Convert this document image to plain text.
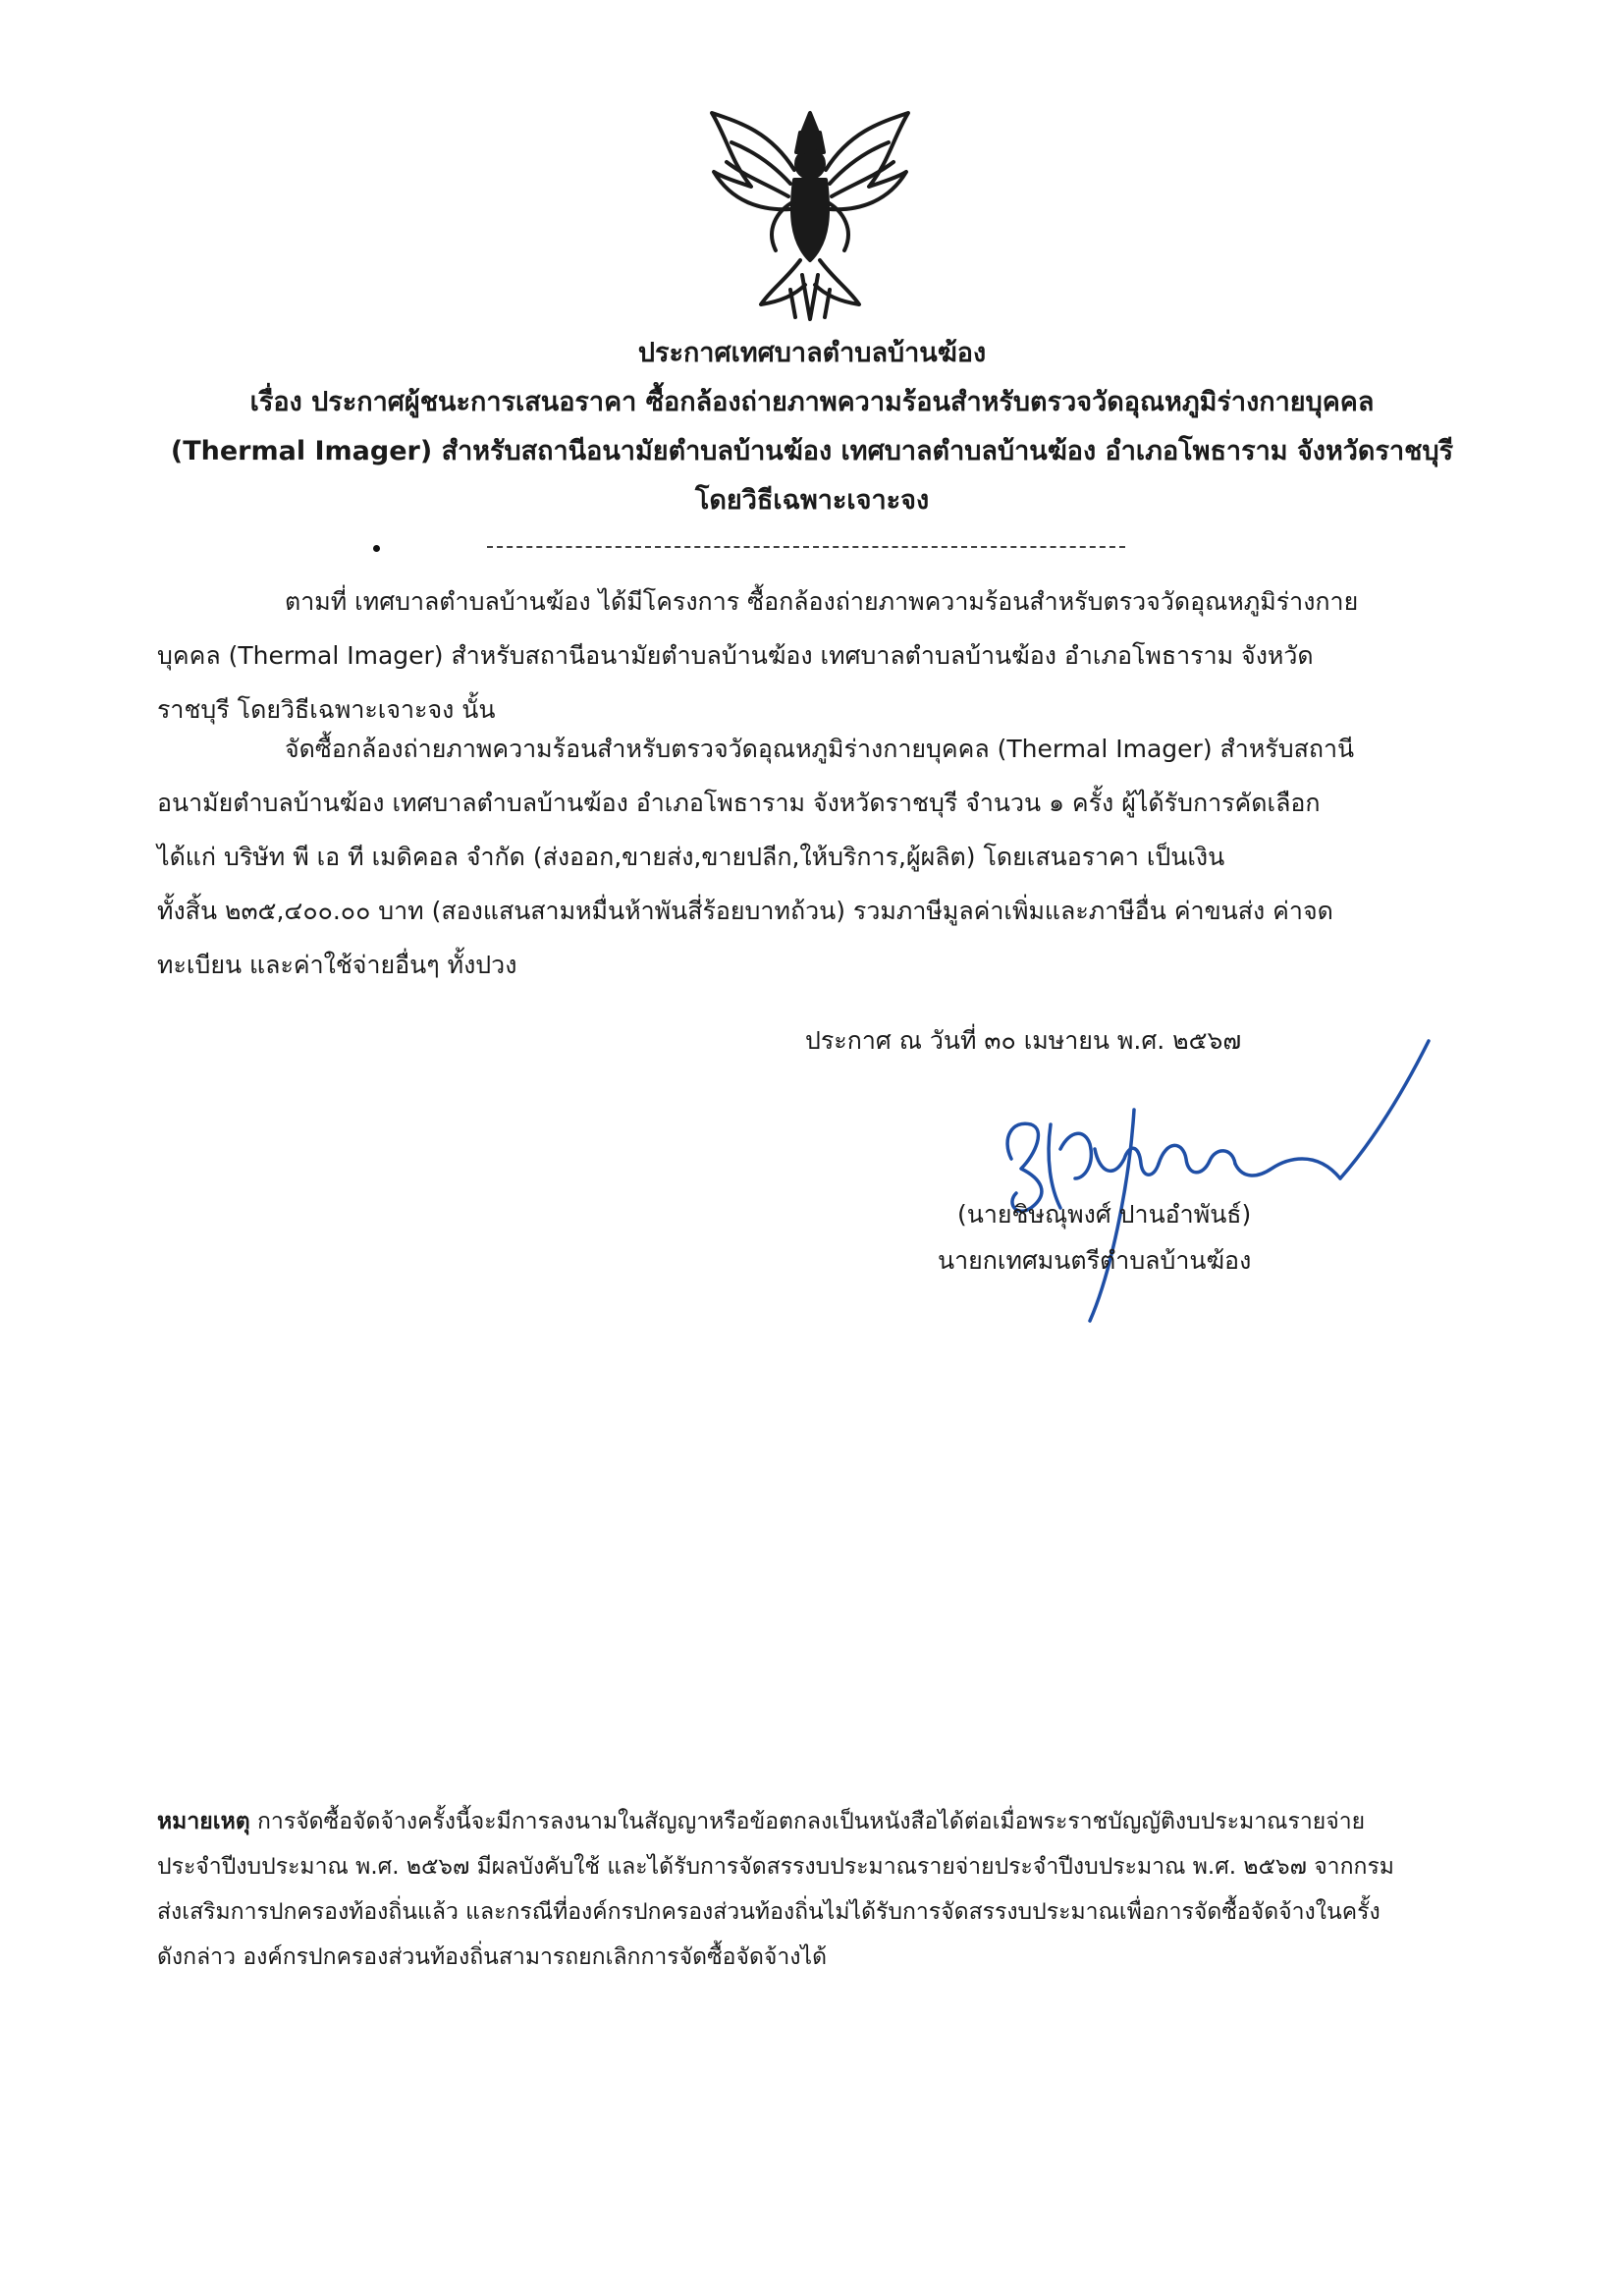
ประกาศเทศบาลตำบลบ้านฆ้อง
เรื่อง ประกาศผู้ชนะการเสนอราคา ซื้อกล้องถ่ายภาพความร้อนสำหรับตรวจวัดอุณหภูมิร่างกายบุคคล
(Thermal Imager) สำหรับสถานีอนามัยตำบลบ้านฆ้อง เทศบาลตำบลบ้านฆ้อง อำเภอโพธาราม จังหวัดราชบุรี
โดยวิธีเฉพาะเจาะจง
ตามที่ เทศบาลตำบลบ้านฆ้อง ได้มีโครงการ ซื้อกล้องถ่ายภาพความร้อนสำหรับตรวจวัดอุณหภูมิร่างกาย
บุคคล (Thermal Imager) สำหรับสถานีอนามัยตำบลบ้านฆ้อง เทศบาลตำบลบ้านฆ้อง อำเภอโพธาราม จังหวัด
ราชบุรี โดยวิธีเฉพาะเจาะจง นั้น
จัดซื้อกล้องถ่ายภาพความร้อนสำหรับตรวจวัดอุณหภูมิร่างกายบุคคล (Thermal Imager) สำหรับสถานี
อนามัยตำบลบ้านฆ้อง เทศบาลตำบลบ้านฆ้อง อำเภอโพธาราม จังหวัดราชบุรี จำนวน ๑ ครั้ง ผู้ได้รับการคัดเลือก
ได้แก่ บริษัท พี เอ ที เมดิคอล จำกัด (ส่งออก,ขายส่ง,ขายปลีก,ให้บริการ,ผู้ผลิต) โดยเสนอราคา เป็นเงิน
ทั้งสิ้น ๒๓๕,๔๐๐.๐๐ บาท (สองแสนสามหมื่นห้าพันสี่ร้อยบาทถ้วน) รวมภาษีมูลค่าเพิ่มและภาษีอื่น ค่าขนส่ง ค่าจด
ทะเบียน และค่าใช้จ่ายอื่นๆ ทั้งปวง
ประกาศ ณ วันที่ ๓๐ เมษายน พ.ศ. ๒๕๖๗
(นายชิษณุพงศ์ ปานอำพันธ์)
นายกเทศมนตรีตำบลบ้านฆ้อง
หมายเหตุ การจัดซื้อจัดจ้างครั้งนี้จะมีการลงนามในสัญญาหรือข้อตกลงเป็นหนังสือได้ต่อเมื่อพระราชบัญญัติงบประมาณรายจ่าย
ประจำปีงบประมาณ พ.ศ. ๒๕๖๗ มีผลบังคับใช้ และได้รับการจัดสรรงบประมาณรายจ่ายประจำปีงบประมาณ พ.ศ. ๒๕๖๗ จากกรม
ส่งเสริมการปกครองท้องถิ่นแล้ว และกรณีที่องค์กรปกครองส่วนท้องถิ่นไม่ได้รับการจัดสรรงบประมาณเพื่อการจัดซื้อจัดจ้างในครั้ง
ดังกล่าว องค์กรปกครองส่วนท้องถิ่นสามารถยกเลิกการจัดซื้อจัดจ้างได้
